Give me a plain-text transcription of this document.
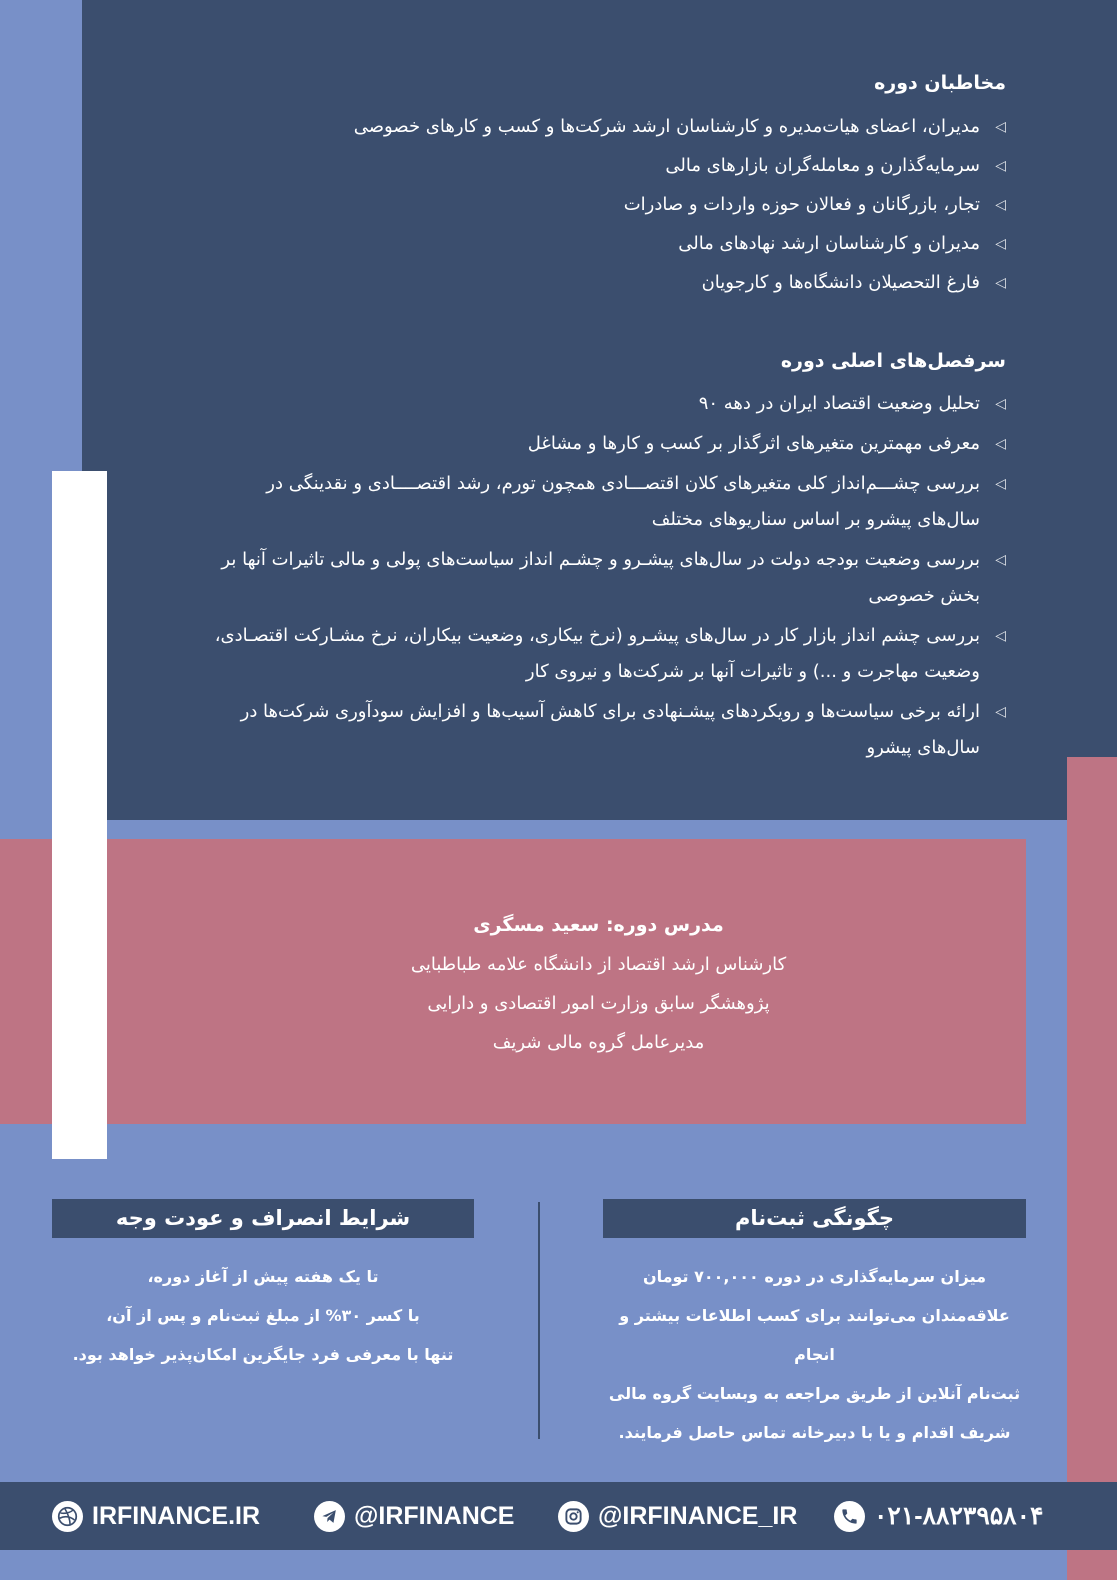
مخاطبان دوره
◁
مدیران، اعضای هیات‌مدیره و کارشناسان ارشد شرکت‌ها و کسب و کارهای خصوصی
◁
سرمایه‌گذارن و معامله‌گران بازارهای مالی
◁
تجار، بازرگانان و فعالان حوزه واردات و صادرات
◁
مدیران و کارشناسان ارشد نهادهای مالی
◁
فارغ التحصیلان دانشگاه‌ها و کارجویان
سرفصل‌های اصلی دوره
◁
تحلیل وضعیت اقتصاد ایران در دهه ۹۰
◁
معرفی مهمترین متغیرهای اثرگذار بر کسب و کارها و مشاغل
◁
بررسی چشـــم‌انداز کلی متغیرهای کلان اقتصـــادی همچون تورم، رشد اقتصــــادی و نقدینگی در سال‌های پیشرو بر اساس سناریوهای مختلف
◁
بررسی وضعیت بودجه دولت در سال‌های پیشـرو و چشـم انداز سیاست‌های پولی و مالی تاثیرات آنها بر بخش خصوصی
◁
بررسی چشم انداز بازار کار در سال‌های پیشـرو (نرخ بیکاری، وضعیت بیکاران، نرخ مشـارکت اقتصـادی، وضعیت مهاجرت و ...) و تاثیرات آنها بر شرکت‌ها و نیروی کار
◁
ارائه برخی سیاست‌ها و رویکردهای پیشـنهادی برای کاهش آسیب‌ها و افزایش سودآوری شرکت‌ها در سال‌های پیشرو
مدرس دوره: سعید مسگری
کارشناس ارشد اقتصاد از دانشگاه علامه طباطبایی
پژوهشگر سابق وزارت امور اقتصادی و دارایی
مدیرعامل گروه مالی شریف
چگونگی ثبت‌نام
شرایط انصراف و عودت وجه
میزان سرمایه‌گذاری در دوره ۷۰۰,۰۰۰ تومان
علاقه‌مندان می‌توانند برای کسب اطلاعات بیشتر و انجام
ثبت‌نام آنلاین از طریق مراجعه به وبسایت گروه مالی
شریف اقدام و یا با دبیرخانه تماس حاصل فرمایند.
تا یک هفته پیش از آغاز دوره،
با کسر ۳۰% از مبلغ ثبت‌نام و پس از آن،
تنها با معرفی فرد جایگزین امکان‌پذیر خواهد بود.
IRFINANCE.IR	@IRFINANCE	@IRFINANCE_IR	۰۲۱-۸۸۲۳۹۵۸۰۴
